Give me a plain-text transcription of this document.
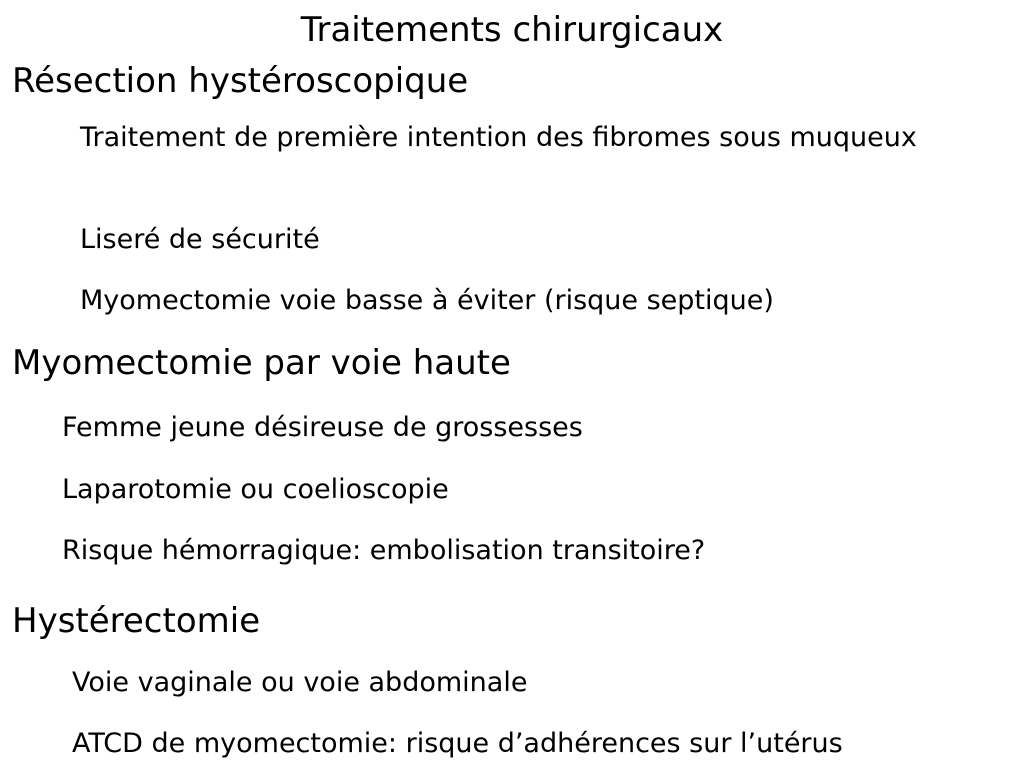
Traitements chirurgicaux
Résection hystéroscopique
Traitement de première intention des fibromes sous muqueux
Liseré de sécurité
Myomectomie voie basse à éviter (risque septique)
Myomectomie par voie haute
Femme jeune désireuse de grossesses
Laparotomie ou coelioscopie
Risque hémorragique: embolisation transitoire?
Hystérectomie
Voie vaginale ou voie abdominale
ATCD de myomectomie: risque d’adhérences sur l’utérus
